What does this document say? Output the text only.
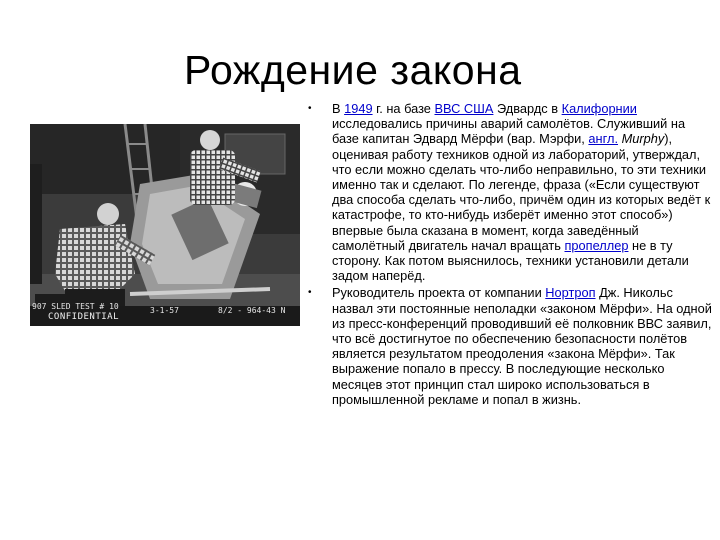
Рождение закона
907 SLED TEST # 10
CONFIDENTIAL
3-1-57	8/2 - 964-43 N
• В 1949 г. на базе ВВС США Эдвардс в Калифорнии исследовались причины аварий самолётов. Служивший на базе капитан Эдвард Мёрфи (вар. Мэрфи, англ. Murphy), оценивая работу техников одной из лабораторий, утверждал, что если можно сделать что-либо неправильно, то эти техники именно так и сделают. По легенде, фраза («Если существуют два способа сделать что-либо, причём один из которых ведёт к катастрофе, то кто-нибудь изберёт именно этот способ») впервые была сказана в момент, когда заведённый самолётный двигатель начал вращать пропеллер не в ту сторону. Как потом выяснилось, техники установили детали задом наперёд.
• Руководитель проекта от компании Нортроп Дж. Никольс назвал эти постоянные неполадки «законом Мёрфи». На одной из пресс-конференций проводивший её полковник ВВС заявил, что всё достигнутое по обеспечению безопасности полётов является результатом преодоления «закона Мёрфи». Так выражение попало в прессу. В последующие несколько месяцев этот принцип стал широко использоваться в промышленной рекламе и попал в жизнь.
